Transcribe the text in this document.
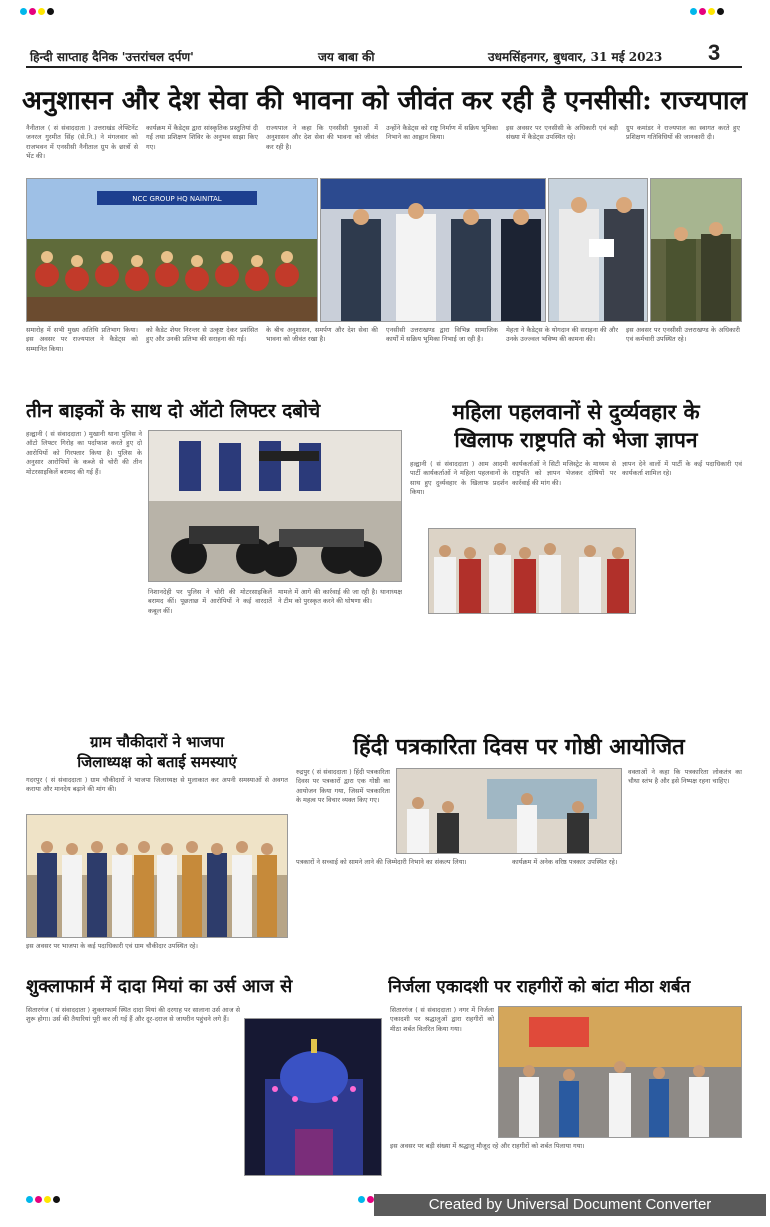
हिन्दी साप्ताह दैनिक 'उत्तरांचल दर्पण'	जय बाबा की	उधमसिंहनगर, बुधवार, 31 मई 2023 3
अनुशासन और देश सेवा की भावना को जीवंत कर रही है एनसीसी: राज्यपाल
नैनीताल ( सं संवाददाता ) उत्तराखंड लेफ्टिनेंट जनरल गुरमीत सिंह (से.नि.) ने मंगलवार को राजभवन में एनसीसी नैनीताल ग्रुप के छात्रों से भेंट की।
कार्यक्रम में कैडेट्स द्वारा सांस्कृतिक प्रस्तुतियां दी गईं तथा प्रशिक्षण शिविर के अनुभव साझा किए गए।
राज्यपाल ने कहा कि एनसीसी युवाओं में अनुशासन और देश सेवा की भावना को जीवंत कर रही है।
उन्होंने कैडेट्स को राष्ट्र निर्माण में सक्रिय भूमिका निभाने का आह्वान किया।
इस अवसर पर एनसीसी के अधिकारी एवं बड़ी संख्या में कैडेट्स उपस्थित रहे।
ग्रुप कमांडर ने राज्यपाल का स्वागत करते हुए प्रशिक्षण गतिविधियों की जानकारी दी।
NCC GROUP HQ NAINITAL
समारोह में सभी मुख्य अतिथि प्रतिभाग किया। इस अवसर पर राज्यपाल ने कैडेट्स को सम्मानित किया।
को कैडेट शेयर निरन्तर से उत्कृष्ट देकर प्रशंसित हुए और उनकी प्रतिभा की सराहना की गई।
के बीच अनुशासन, समर्पण और देश सेवा की भावना को जीवंत रखा है।
एनसीसी उत्तराखण्ड द्वारा विभिन्न सामाजिक कार्यों में सक्रिय भूमिका निभाई जा रही है।
मेहता ने कैडेट्स के योगदान की सराहना की और उनके उज्ज्वल भविष्य की कामना की।
इस अवसर पर एनसीसी उत्तराखण्ड के अधिकारी एवं कर्मचारी उपस्थित रहे।
तीन बाइकों के साथ दो ऑटो लिफ्टर दबोचे
हल्द्वानी ( सं संवाददाता ) मुखानी थाना पुलिस ने ऑटो लिफ्टर गिरोह का पर्दाफाश करते हुए दो आरोपियों को गिरफ्तार किया है। पुलिस के अनुसार आरोपियों के कब्जे से चोरी की तीन मोटरसाइकिलें बरामद की गई हैं।
निशानदेही पर पुलिस ने चोरी की मोटरसाइकिलें बरामद कीं। पूछताछ में आरोपियों ने कई वारदातें कबूल कीं।
मामले में आगे की कार्रवाई की जा रही है। थानाध्यक्ष ने टीम को पुरस्कृत करने की घोषणा की।
महिला पहलवानों से दुर्व्यवहार के
खिलाफ राष्ट्रपति को भेजा ज्ञापन
हल्द्वानी ( सं संवाददाता ) आम आदमी पार्टी कार्यकर्ताओं ने महिला पहलवानों के साथ हुए दुर्व्यवहार के खिलाफ प्रदर्शन किया।
कार्यकर्ताओं ने सिटी मजिस्ट्रेट के माध्यम से राष्ट्रपति को ज्ञापन भेजकर दोषियों पर कार्रवाई की मांग की।
ज्ञापन देने वालों में पार्टी के कई पदाधिकारी एवं कार्यकर्ता शामिल रहे।
ग्राम चौकीदारों ने भाजपा
जिलाध्यक्ष को बताई समस्याएं
गदरपुर ( सं संवाददाता ) ग्राम चौकीदारों ने भाजपा जिलाध्यक्ष से मुलाकात कर अपनी समस्याओं से अवगत कराया और मानदेय बढ़ाने की मांग की।
इस अवसर पर भाजपा के कई पदाधिकारी एवं ग्राम चौकीदार उपस्थित रहे।
हिंदी पत्रकारिता दिवस पर गोष्ठी आयोजित
रुद्रपुर ( सं संवाददाता ) हिंदी पत्रकारिता दिवस पर पत्रकारों द्वारा एक गोष्ठी का आयोजन किया गया, जिसमें पत्रकारिता के महत्व पर विचार व्यक्त किए गए।
वक्ताओं ने कहा कि पत्रकारिता लोकतंत्र का चौथा स्तंभ है और इसे निष्पक्ष रहना चाहिए।
पत्रकारों ने सच्चाई को सामने लाने की जिम्मेदारी निभाने का संकल्प लिया।	कार्यक्रम में अनेक वरिष्ठ पत्रकार उपस्थित रहे।
शुक्लाफार्म में दादा मियां का उर्स आज से
सितारगंज ( सं संवाददाता ) शुक्लाफार्म स्थित दादा मियां की दरगाह पर सालाना उर्स आज से शुरू होगा। उर्स की तैयारियां पूरी कर ली गई हैं और दूर-दराज से जायरीन पहुंचने लगे हैं।
निर्जला एकादशी पर राहगीरों को बांटा मीठा शर्बत
सितारगंज ( सं संवाददाता ) नगर में निर्जला एकादशी पर श्रद्धालुओं द्वारा राहगीरों को मीठा शर्बत वितरित किया गया।
इस अवसर पर बड़ी संख्या में श्रद्धालु मौजूद रहे और राहगीरों को शर्बत पिलाया गया।
Created by Universal Document Converter
